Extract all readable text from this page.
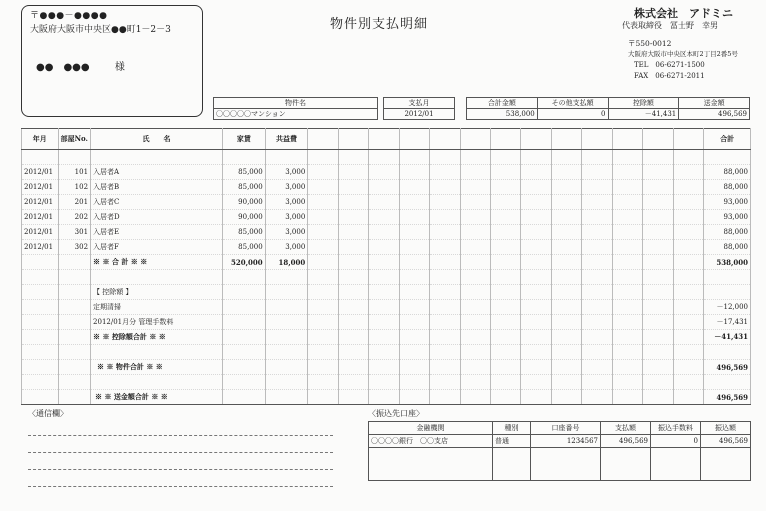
〒●●●－●●●●
大阪府大阪市中央区●●町1－2－3
●●　●●●	様
物件別支払明細
株式会社　アドミニ
代表取締役　冨士野　幸男
〒550-0012
大阪府大阪市中央区本町2丁目2番5号
TEL　06-6271-1500
FAX　06-6271-2011
物件名
〇〇〇〇〇マンション
支払月
2012/01
合計金額	その他支払額	控除額	送金額
538,000	0	－41,431	496,569
年月	部屋No.	氏　　名	家賃	共益費														合計

2012/01	101	入居者A	85,000	3,000														88,000
2012/01	102	入居者B	85,000	3,000														88,000
2012/01	201	入居者C	90,000	3,000														93,000
2012/01	202	入居者D	90,000	3,000														93,000
2012/01	301	入居者E	85,000	3,000														88,000
2012/01	302	入居者F	85,000	3,000														88,000
		※ ※ 合 計 ※ ※	520,000	18,000														538,000

		【 控除額 】																
		定期清掃																－12,000
		2012/01月分 管理手数料																－17,431
		※ ※ 控除額合計 ※ ※																－41,431

		※ ※ 物件合計 ※ ※																496,569

		※ ※ 送金額合計 ※ ※																496,569
〈通信欄〉	〈振込先口座〉
金融機関	種別	口座番号	支払額	振込手数料	振込額
〇〇〇〇銀行　〇〇支店	普通	1234567	496,569	0	496,569
